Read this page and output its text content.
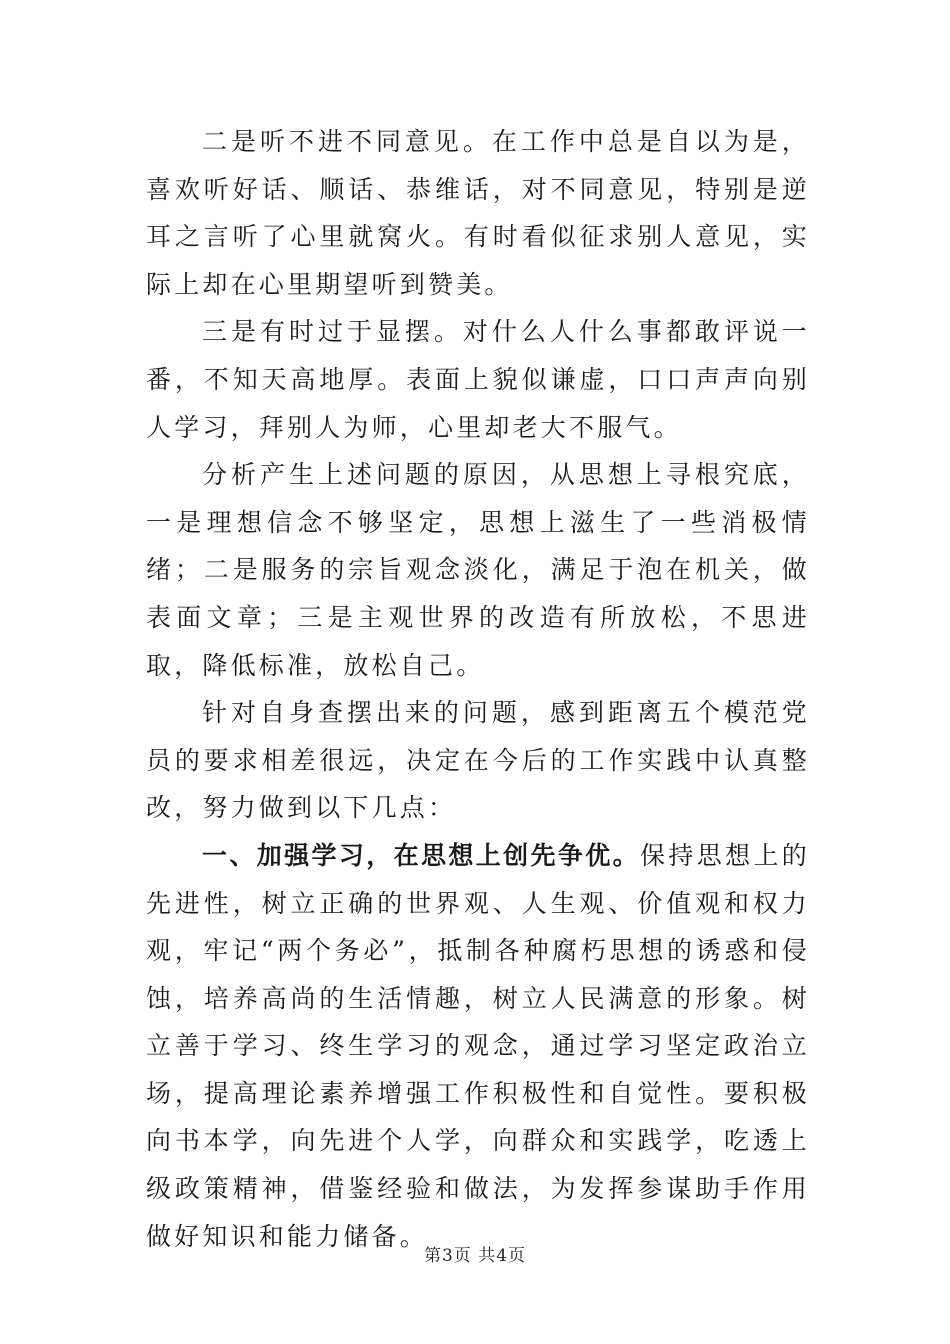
二是听不进不同意见。在工作中总是自以为是，喜欢听好话、顺话、恭维话，对不同意见，特别是逆耳之言听了心里就窝火。有时看似征求别人意见，实际上却在心里期望听到赞美。

三是有时过于显摆。对什么人什么事都敢评说一番，不知天高地厚。表面上貌似谦虚，口口声声向别人学习，拜别人为师，心里却老大不服气。

分析产生上述问题的原因，从思想上寻根究底，一是理想信念不够坚定，思想上滋生了一些消极情绪；二是服务的宗旨观念淡化，满足于泡在机关，做表面文章；三是主观世界的改造有所放松，不思进取，降低标准，放松自己。

针对自身查摆出来的问题，感到距离五个模范党员的要求相差很远，决定在今后的工作实践中认真整改，努力做到以下几点：

一、加强学习，在思想上创先争优。保持思想上的先进性，树立正确的世界观、人生观、价值观和权力观，牢记“两个务必”，抵制各种腐朽思想的诱惑和侵蚀，培养高尚的生活情趣，树立人民满意的形象。树立善于学习、终生学习的观念，通过学习坚定政治立场，提高理论素养增强工作积极性和自觉性。要积极向书本学，向先进个人学，向群众和实践学，吃透上级政策精神，借鉴经验和做法，为发挥参谋助手作用做好知识和能力储备。

第3页 共4页
